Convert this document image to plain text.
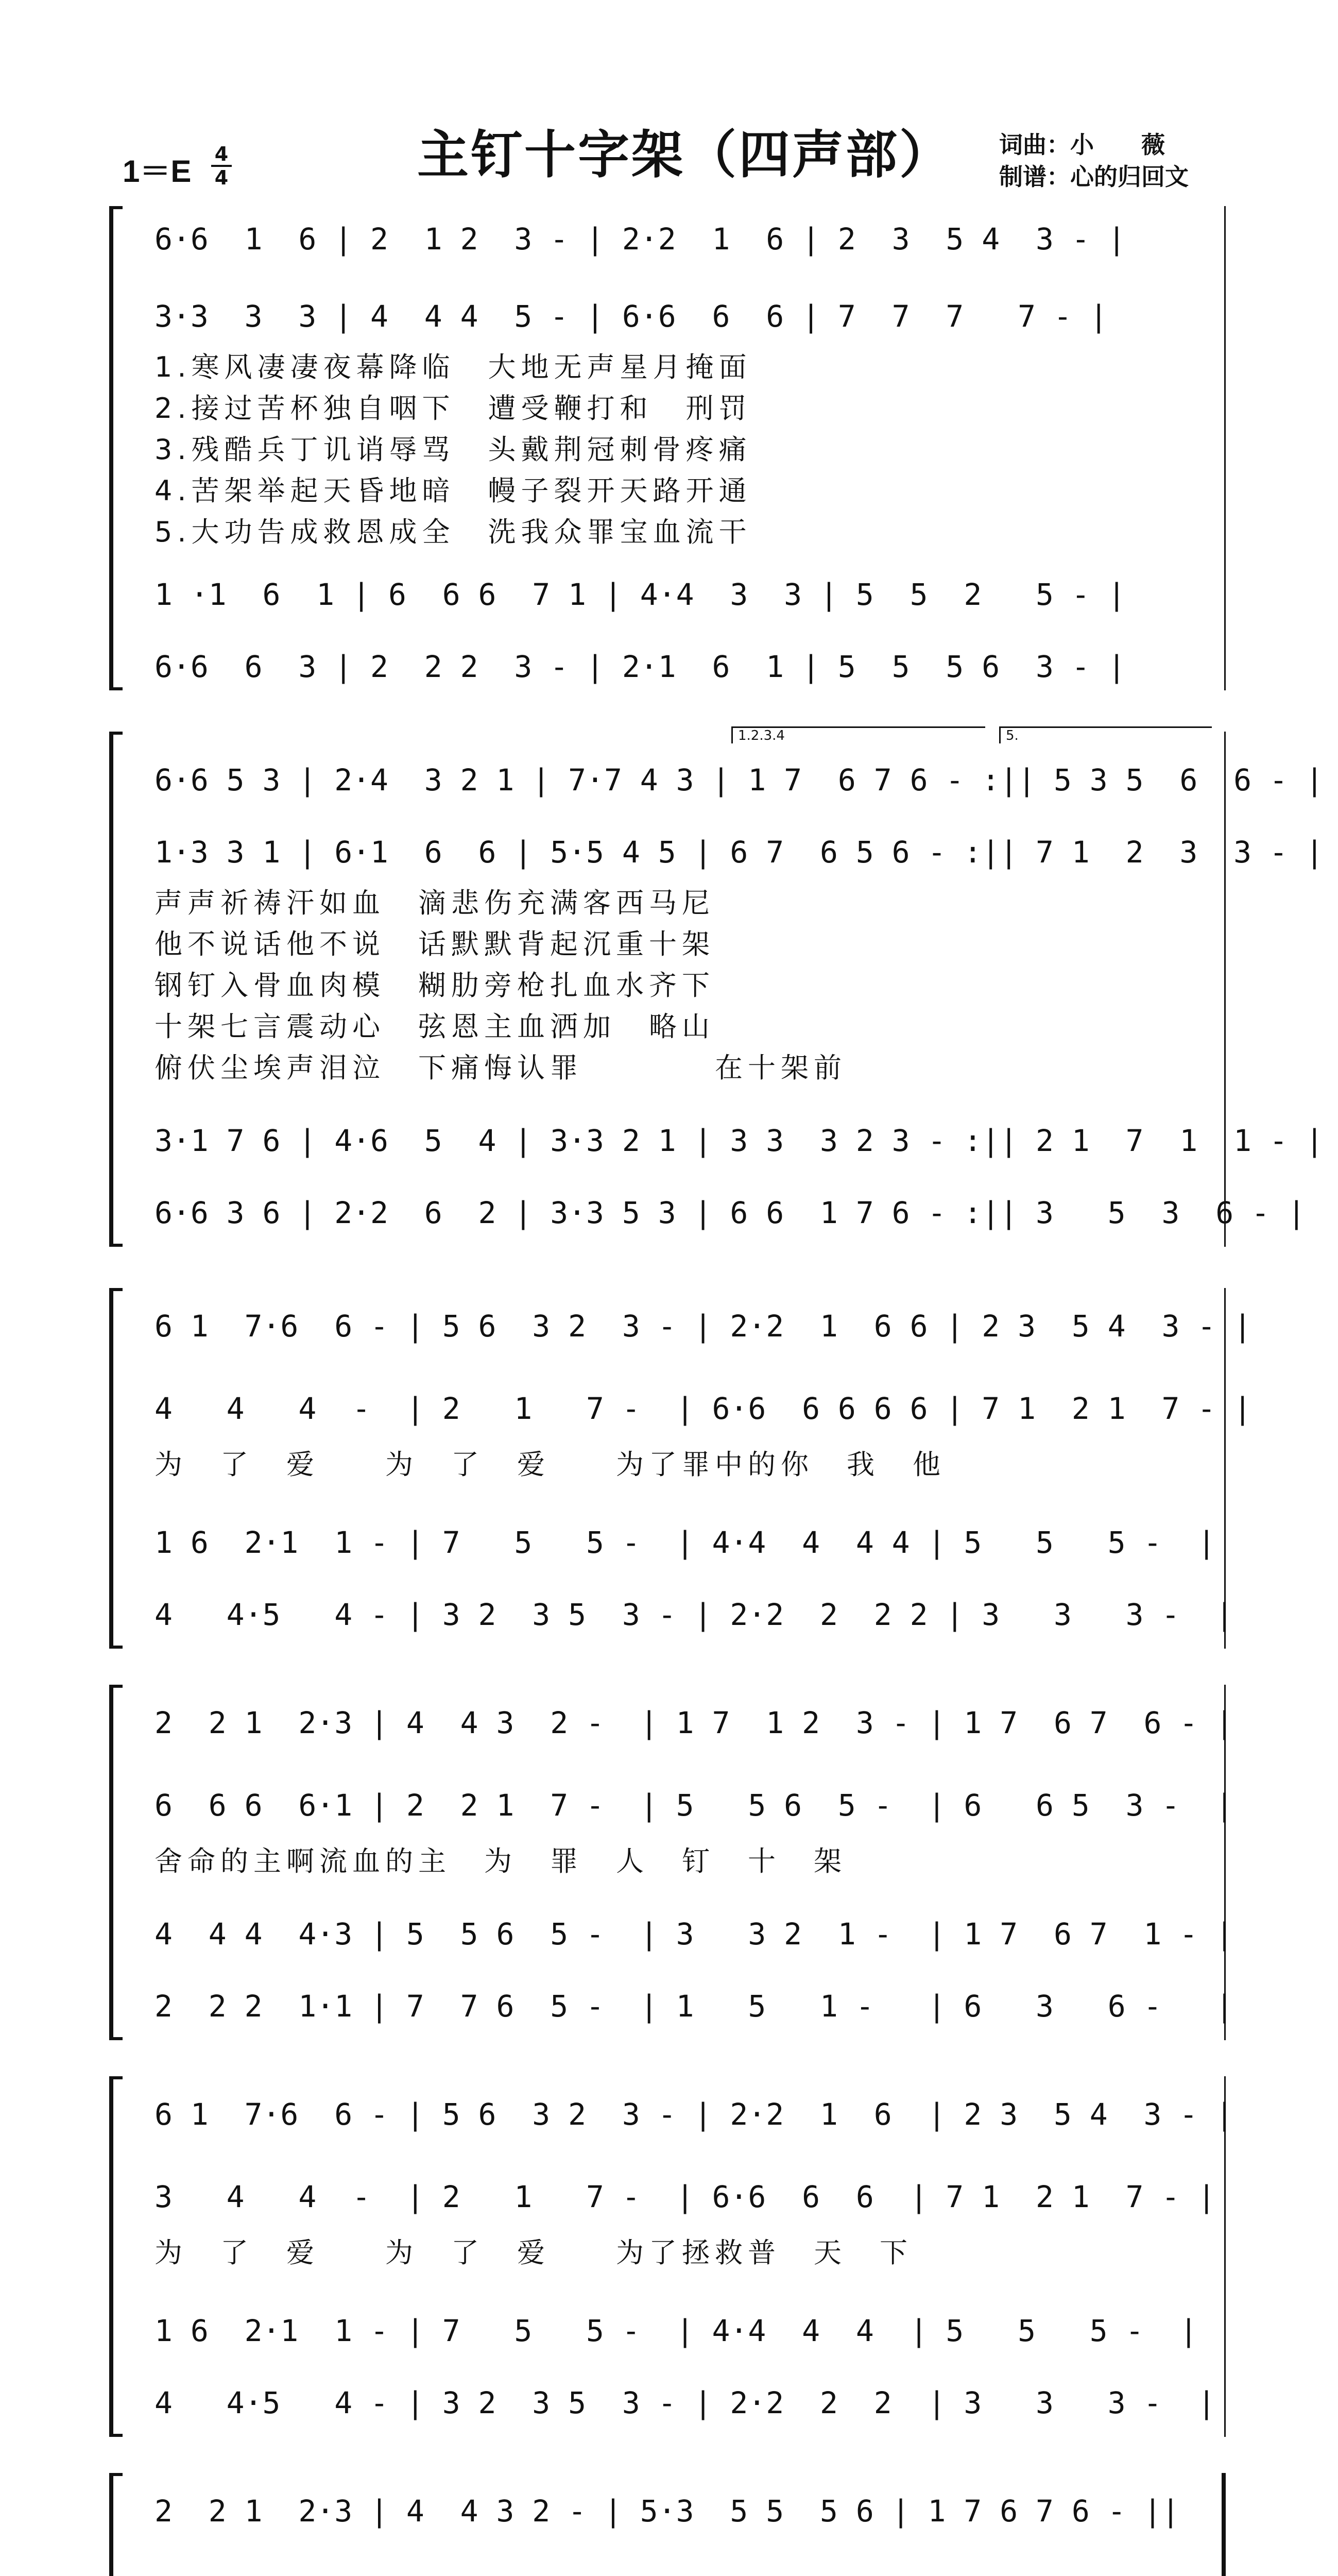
1＝E 4
4	主钉十字架（四声部） 词曲：小　　薇
制谱：心的归回文
6·6  1  6 | 2  1 2  3 - | 2·2  1  6 | 2  3  5 4  3 - |
3·3  3  3 | 4  4 4  5 - | 6·6  6  6 | 7  7  7   7 - |
1.寒风凄凄夜幕降临　大地无声星月掩面
2.接过苦杯独自咽下　遭受鞭打和　刑罚
3.残酷兵丁讥诮辱骂　头戴荆冠刺骨疼痛
4.苦架举起天昏地暗　幔子裂开天路开通
5.大功告成救恩成全　洗我众罪宝血流干
1 ·1  6  1 | 6  6 6  7 1 | 4·4  3  3 | 5  5  2   5 - |
6·6  6  3 | 2  2 2  3 - | 2·1  6  1 | 5  5  5 6  3 - |
1.2.3.4	5.
6·6 5 3 | 2·4  3 2 1 | 7·7 4 3 | 1 7  6 7 6 - :|| 5 3 5  6  6 - |
1·3 3 1 | 6·1  6  6 | 5·5 4 5 | 6 7  6 5 6 - :|| 7 1  2  3  3 - |
声声祈祷汗如血　滴悲伤充满客西马尼
他不说话他不说　话默默背起沉重十架
钢钉入骨血肉模　糊肋旁枪扎血水齐下
十架七言震动心　弦恩主血洒加　略山
俯伏尘埃声泪泣　下痛悔认罪　　　　在十架前
3·1 7 6 | 4·6  5  4 | 3·3 2 1 | 3 3  3 2 3 - :|| 2 1  7  1  1 - |
6·6 3 6 | 2·2  6  2 | 3·3 5 3 | 6 6  1 7 6 - :|| 3   5  3  6 - |
6 1  7·6  6 - | 5 6  3 2  3 - | 2·2  1  6 6 | 2 3  5 4  3 - |
4   4   4  -  | 2   1   7 -  | 6·6  6 6 6 6 | 7 1  2 1  7 - |
为　了　爱　　为　了　爱　　为了罪中的你　我　他
1 6  2·1  1 - | 7   5   5 -  | 4·4  4  4 4 | 5   5   5 -  |
4   4·5   4 - | 3 2  3 5  3 - | 2·2  2  2 2 | 3   3   3 -  |
2  2 1  2·3 | 4  4 3  2 -  | 1 7  1 2  3 - | 1 7  6 7  6 - |
6  6 6  6·1 | 2  2 1  7 -  | 5   5 6  5 -  | 6   6 5  3 -  |
舍命的主啊流血的主　为　罪　人　钉　十　架
4  4 4  4·3 | 5  5 6  5 -  | 3   3 2  1 -  | 1 7  6 7  1 - |
2  2 2  1·1 | 7  7 6  5 -  | 1   5   1 -   | 6   3   6 -   |
6 1  7·6  6 - | 5 6  3 2  3 - | 2·2  1  6  | 2 3  5 4  3 - |
3   4   4  -  | 2   1   7 -  | 6·6  6  6  | 7 1  2 1  7 - |
为　了　爱　　为　了　爱　　为了拯救普　天　下
1 6  2·1  1 - | 7   5   5 -  | 4·4  4  4  | 5   5   5 -  |
4   4·5   4 - | 3 2  3 5  3 - | 2·2  2  2  | 3   3   3 -  |
2  2 1  2·3 | 4  4 3 2 - | 5·3  5 5  5 6 | 1 7 6 7 6 - ||
